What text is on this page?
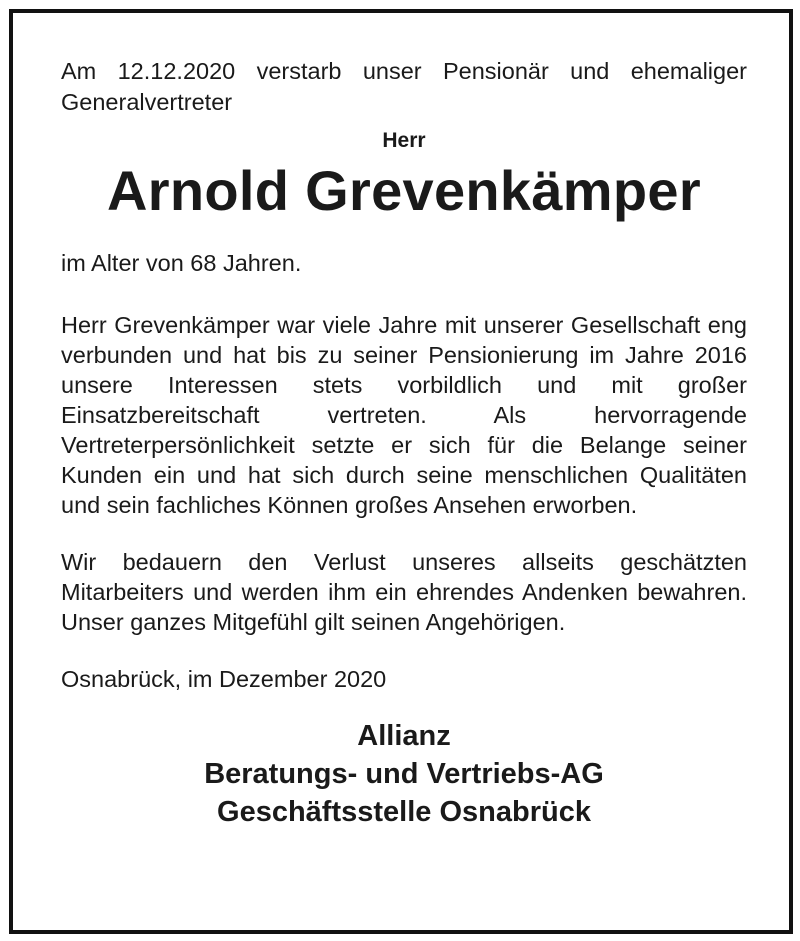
Am 12.12.2020 verstarb unser Pensionär und ehemaliger Generalvertreter

Herr
Arnold Grevenkämper

im Alter von 68 Jahren.

Herr Grevenkämper war viele Jahre mit unserer Gesellschaft eng verbunden und hat bis zu seiner Pensionierung im Jahre 2016 unsere Interessen stets vorbildlich und mit großer Einsatzbereitschaft vertreten. Als hervorragende Vertreterpersönlichkeit setzte er sich für die Belange seiner Kunden ein und hat sich durch seine menschlichen Qualitäten und sein fachliches Können großes Ansehen erworben.

Wir bedauern den Verlust unseres allseits geschätzten Mitarbeiters und werden ihm ein ehrendes Andenken bewahren. Unser ganzes Mitgefühl gilt seinen Angehörigen.

Osnabrück, im Dezember 2020

Allianz
Beratungs- und Vertriebs-AG
Geschäftsstelle Osnabrück
